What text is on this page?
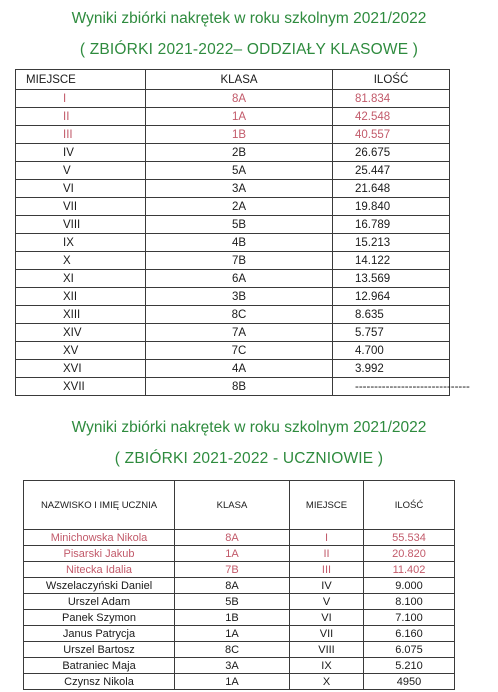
Wyniki zbiórki nakrętek w roku szkolnym 2021/2022
( ZBIÓRKI 2021-2022– ODDZIAŁY KLASOWE )
MIEJSCE	KLASA	ILOŚĆ
I	8A	81.834
II	1A	42.548
III	1B	40.557
IV	2B	26.675
V	5A	25.447
VI	3A	21.648
VII	2A	19.840
VIII	5B	16.789
IX	4B	15.213
X	7B	14.122
XI	6A	13.569
XII	3B	12.964
XIII	8C	8.635
XIV	7A	5.757
XV	7C	4.700
XVI	4A	3.992
XVII	8B	------------------------------
Wyniki zbiórki nakrętek w roku szkolnym 2021/2022
( ZBIÓRKI 2021-2022 - UCZNIOWIE )
NAZWISKO I IMIĘ UCZNIA	KLASA	MIEJSCE	ILOŚĆ
Minichowska Nikola	8A	I	55.534
Pisarski Jakub	1A	II	20.820
Nitecka Idalia	7B	III	11.402
Wszelaczyński Daniel	8A	IV	9.000
Urszel Adam	5B	V	8.100
Panek Szymon	1B	VI	7.100
Janus Patrycja	1A	VII	6.160
Urszel Bartosz	8C	VIII	6.075
Batraniec Maja	3A	IX	5.210
Czynsz Nikola	1A	X	4950
